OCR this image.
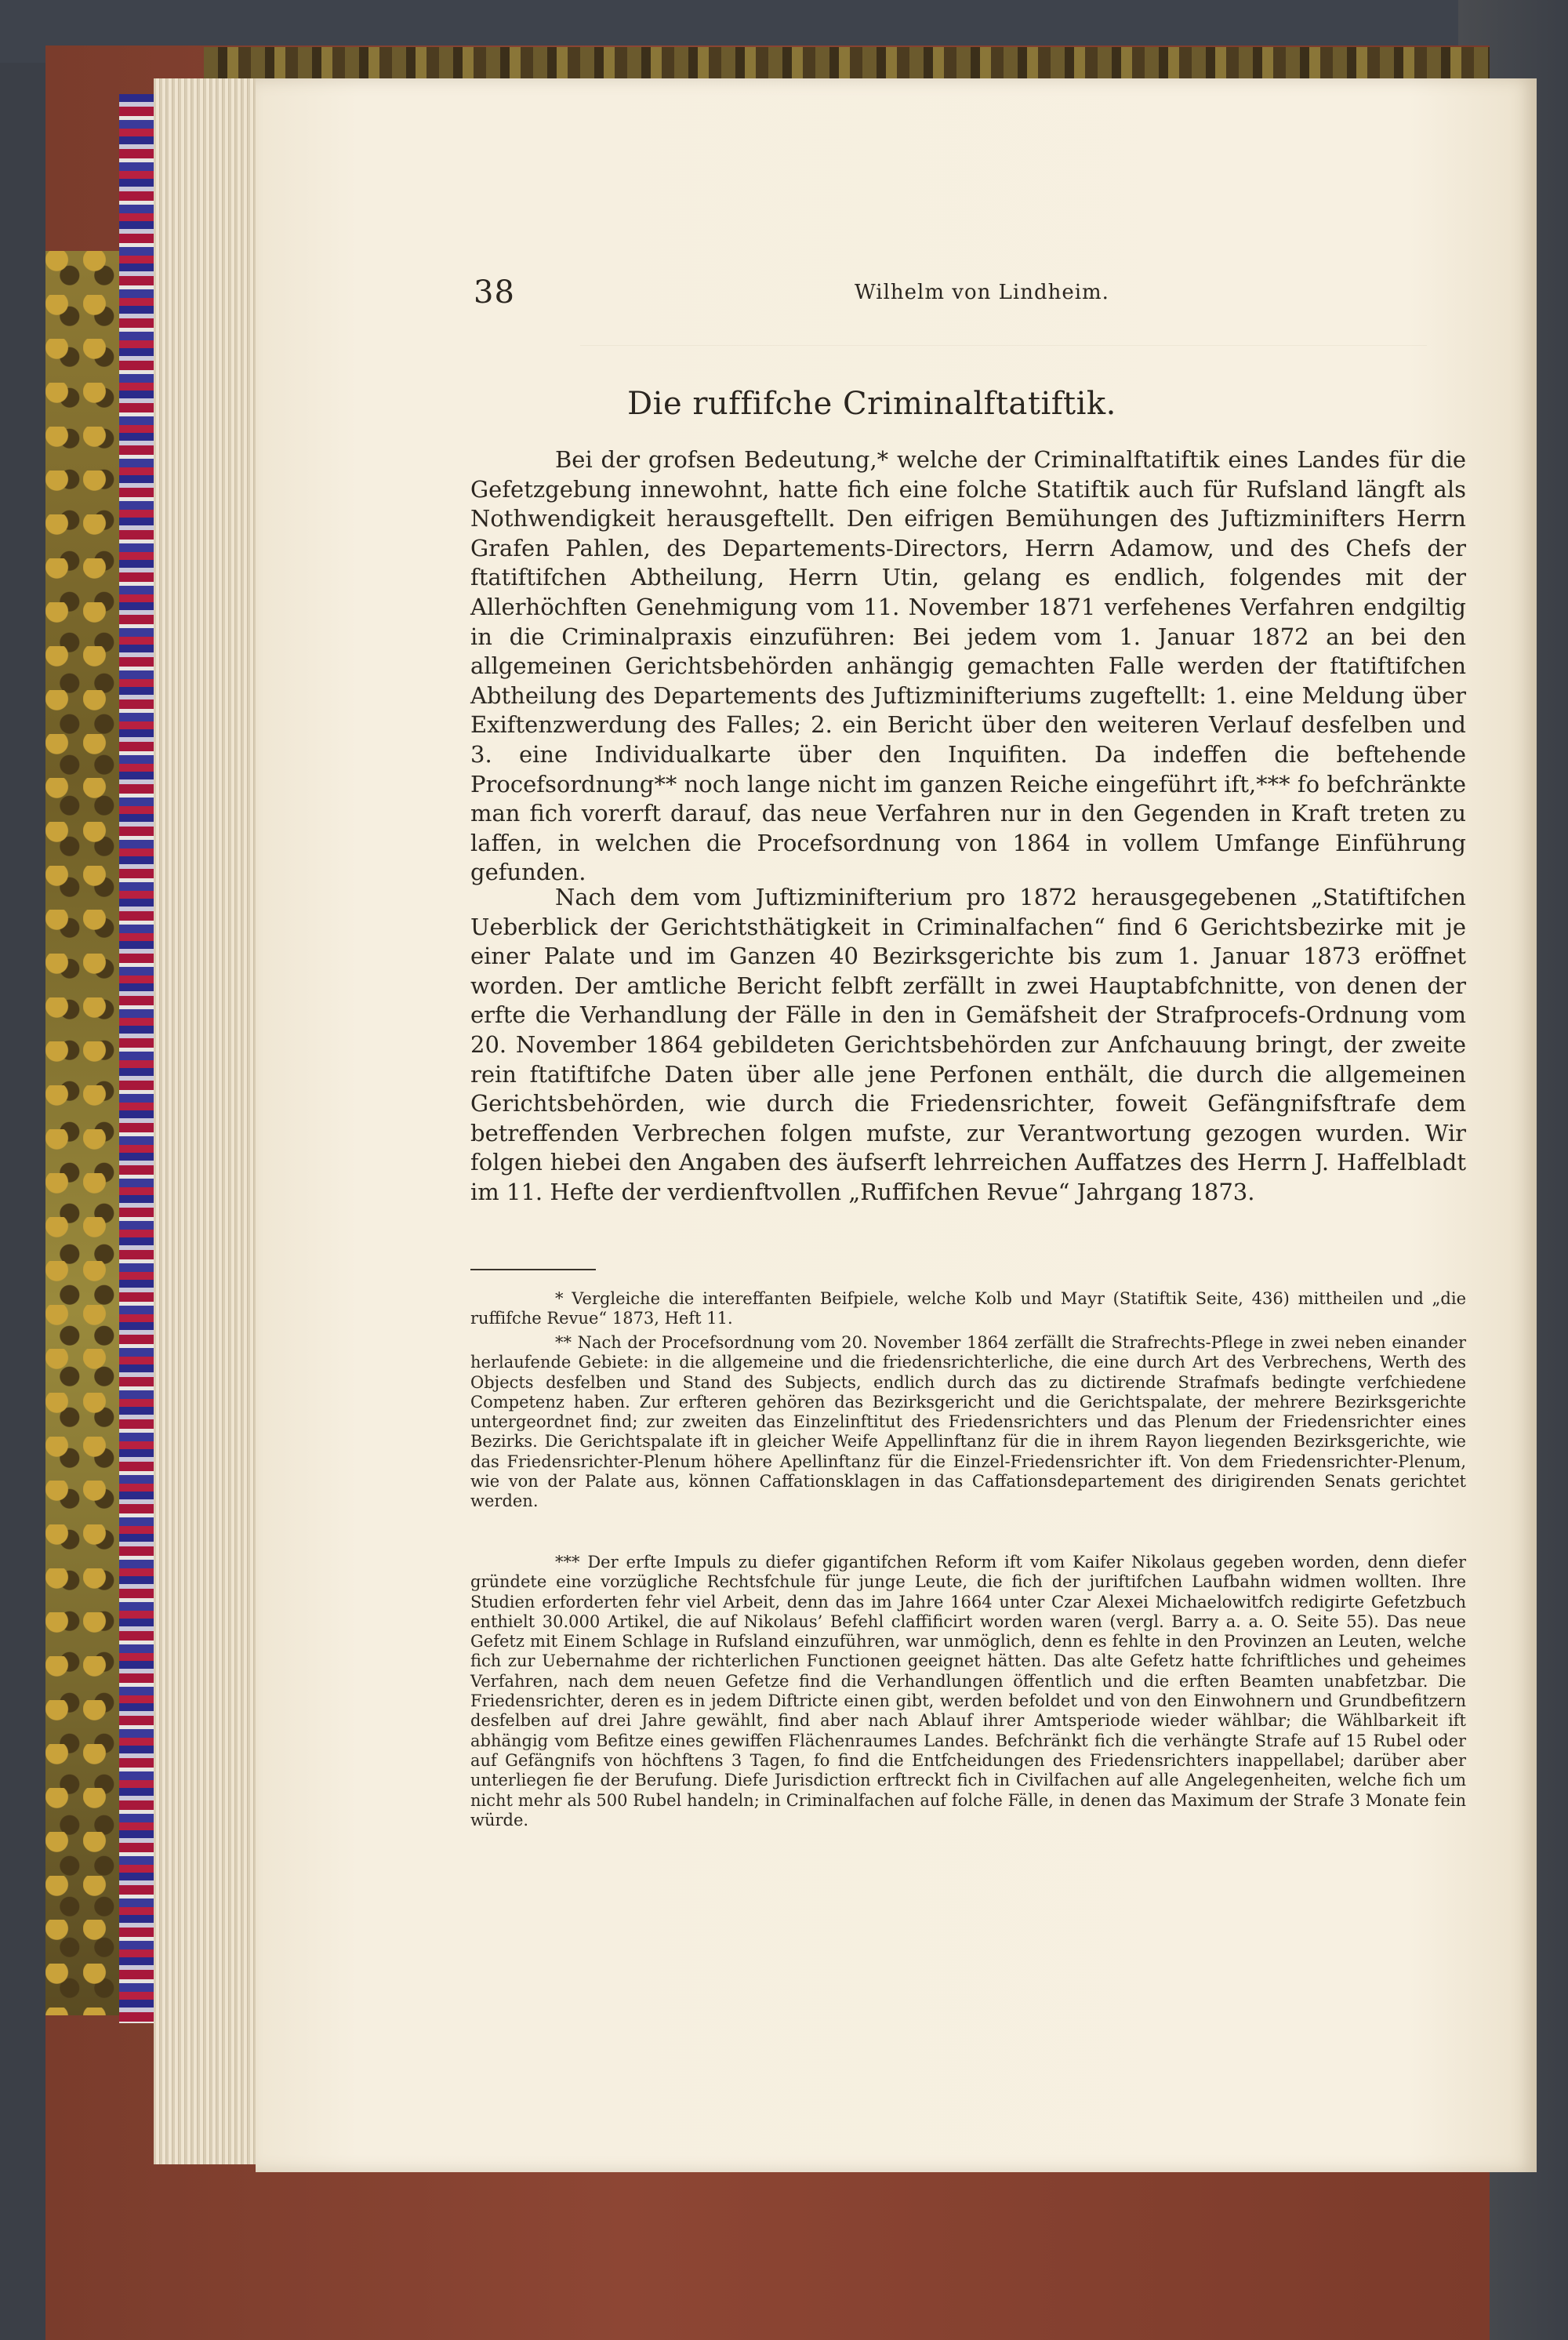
38	Wilhelm von Lindheim.
Die ruffifche Criminalftatiftik.

Bei der grofsen Bedeutung,* welche der Criminalftatiftik eines Landes für die Gefetzgebung innewohnt, hatte fich eine folche Statiftik auch für Rufsland längft als Nothwendigkeit herausgeftellt. Den eifrigen Bemühungen des Juftizminifters Herrn Grafen Pahlen, des Departements-Directors, Herrn Adamow, und des Chefs der ftatiftifchen Abtheilung, Herrn Utin, gelang es endlich, folgendes mit der Allerhöchften Genehmigung vom 11. November 1871 verfehenes Verfahren endgiltig in die Criminalpraxis einzuführen: Bei jedem vom 1. Januar 1872 an bei den allgemeinen Gerichtsbehörden anhängig gemachten Falle werden der ftatiftifchen Abtheilung des Departements des Juftizminifteriums zugeftellt: 1. eine Meldung über Exiftenzwerdung des Falles; 2. ein Bericht über den weiteren Verlauf desfelben und 3. eine Individualkarte über den Inquifiten. Da indeffen die beftehende Procefsordnung** noch lange nicht im ganzen Reiche eingeführt ift,*** fo befchränkte man fich vorerft darauf, das neue Verfahren nur in den Gegenden in Kraft treten zu laffen, in welchen die Procefsordnung von 1864 in vollem Umfange Einführung gefunden.

Nach dem vom Juftizminifterium pro 1872 herausgegebenen „Statiftifchen Ueberblick der Gerichtsthätigkeit in Criminalfachen“ find 6 Gerichtsbezirke mit je einer Palate und im Ganzen 40 Bezirksgerichte bis zum 1. Januar 1873 eröffnet worden. Der amtliche Bericht felbft zerfällt in zwei Hauptabfchnitte, von denen der erfte die Verhandlung der Fälle in den in Gemäfsheit der Strafprocefs-Ordnung vom 20. November 1864 gebildeten Gerichtsbehörden zur Anfchauung bringt, der zweite rein ftatiftifche Daten über alle jene Perfonen enthält, die durch die allgemeinen Gerichtsbehörden, wie durch die Friedensrichter, foweit Gefängnifsftrafe dem betreffenden Verbrechen folgen mufste, zur Verantwortung gezogen wurden. Wir folgen hiebei den Angaben des äufserft lehrreichen Auffatzes des Herrn J. Haffelbladt im 11. Hefte der verdienftvollen „Ruffifchen Revue“ Jahrgang 1873.

* Vergleiche die intereffanten Beifpiele, welche Kolb und Mayr (Statiftik Seite, 436) mittheilen und „die ruffifche Revue“ 1873, Heft 11.

** Nach der Procefsordnung vom 20. November 1864 zerfällt die Strafrechts-Pflege in zwei neben einander herlaufende Gebiete: in die allgemeine und die friedensrichterliche, die eine durch Art des Verbrechens, Werth des Objects desfelben und Stand des Subjects, endlich durch das zu dictirende Strafmafs bedingte verfchiedene Competenz haben. Zur erfteren gehören das Bezirksgericht und die Gerichtspalate, der mehrere Bezirksgerichte untergeordnet find; zur zweiten das Einzelinftitut des Friedensrichters und das Plenum der Friedensrichter eines Bezirks. Die Gerichtspalate ift in gleicher Weife Appellinftanz für die in ihrem Rayon liegenden Bezirksgerichte, wie das Friedensrichter-Plenum höhere Apellinftanz für die Einzel-Friedensrichter ift. Von dem Friedensrichter-Plenum, wie von der Palate aus, können Caffationsklagen in das Caffationsdepartement des dirigirenden Senats gerichtet werden.

*** Der erfte Impuls zu diefer gigantifchen Reform ift vom Kaifer Nikolaus gegeben worden, denn diefer gründete eine vorzügliche Rechtsfchule für junge Leute, die fich der juriftifchen Laufbahn widmen wollten. Ihre Studien erforderten fehr viel Arbeit, denn das im Jahre 1664 unter Czar Alexei Michaelowitfch redigirte Gefetzbuch enthielt 30.000 Artikel, die auf Nikolaus’ Befehl claffificirt worden waren (vergl. Barry a. a. O. Seite 55). Das neue Gefetz mit Einem Schlage in Rufsland einzuführen, war unmöglich, denn es fehlte in den Provinzen an Leuten, welche fich zur Uebernahme der richterlichen Functionen geeignet hätten. Das alte Gefetz hatte fchriftliches und geheimes Verfahren, nach dem neuen Gefetze find die Verhandlungen öffentlich und die erften Beamten unabfetzbar. Die Friedensrichter, deren es in jedem Diftricte einen gibt, werden befoldet und von den Einwohnern und Grundbefitzern desfelben auf drei Jahre gewählt, find aber nach Ablauf ihrer Amtsperiode wieder wählbar; die Wählbarkeit ift abhängig vom Befitze eines gewiffen Flächenraumes Landes. Befchränkt fich die verhängte Strafe auf 15 Rubel oder auf Gefängnifs von höchftens 3 Tagen, fo find die Entfcheidungen des Friedensrichters inappellabel; darüber aber unterliegen fie der Berufung. Diefe Jurisdiction erftreckt fich in Civilfachen auf alle Angelegenheiten, welche fich um nicht mehr als 500 Rubel handeln; in Criminalfachen auf folche Fälle, in denen das Maximum der Strafe 3 Monate fein würde.
